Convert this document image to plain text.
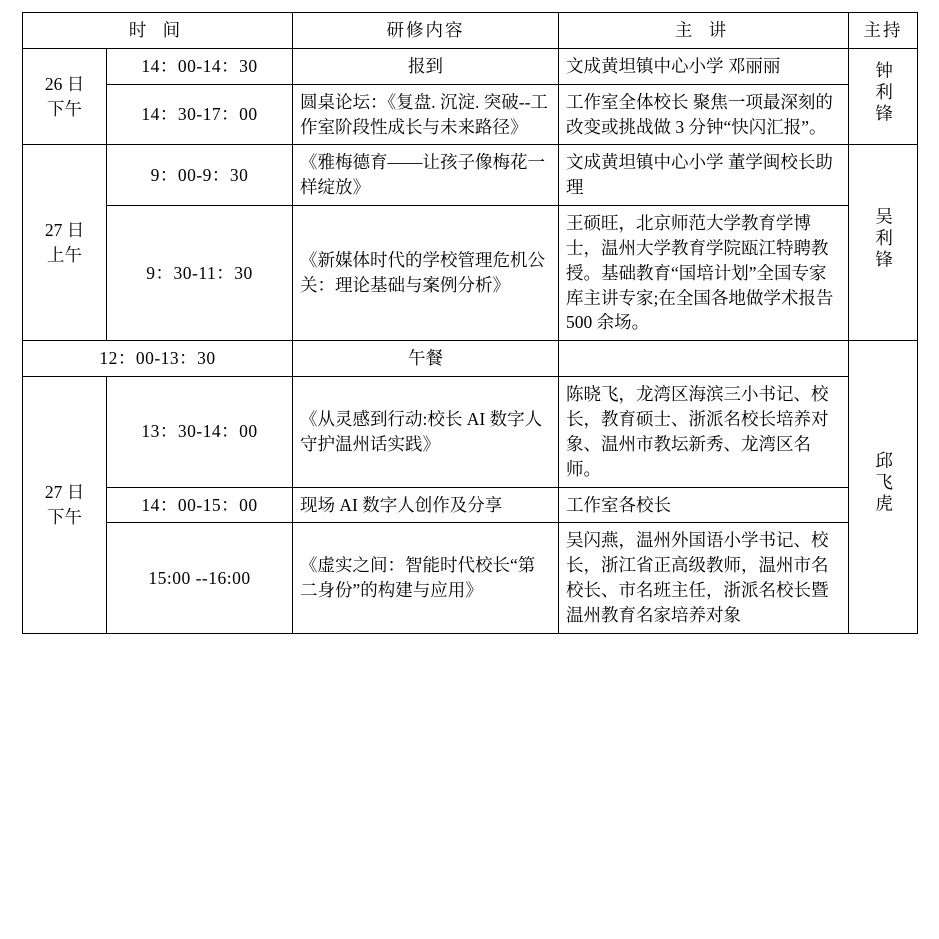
时 间		研修内容	主 讲	主持

26 日
下午	14：00-14：30	报到	文成黄坦镇中心小学 邓丽丽	钟利锋
	14：30-17：00	圆桌论坛：《复盘. 沉淀. 突破--工作室阶段性成长与未来路径》	工作室全体校长 聚焦一项最深刻的改变或挑战做 3 分钟“快闪汇报”。	

27 日
上午	9：00-9：30	《雅梅德育——让孩子像梅花一样绽放》	文成黄坦镇中心小学 董学闽校长助理	吴利锋
	9：30-11：30	《新媒体时代的学校管理危机公关：理论基础与案例分析》	王硕旺，北京师范大学教育学博士，温州大学教育学院瓯江特聘教授。基础教育“国培计划”全国专家库主讲专家;在全国各地做学术报告 500 余场。	
12：00-13：30		午餐		邱飞虎

27 日
下午	13：30-14：00	《从灵感到行动:校长 AI 数字人守护温州话实践》	陈晓飞，龙湾区海滨三小书记、校长，教育硕士、浙派名校长培养对象、温州市教坛新秀、龙湾区名师。	
	14：00-15：00	现场 AI 数字人创作及分享	工作室各校长	
	15:00 --16:00	《虚实之间：智能时代校长“第二身份”的构建与应用》	吴闪燕，温州外国语小学书记、校长，浙江省正高级教师，温州市名校长、市名班主任，浙派名校长暨温州教育名家培养对象	
